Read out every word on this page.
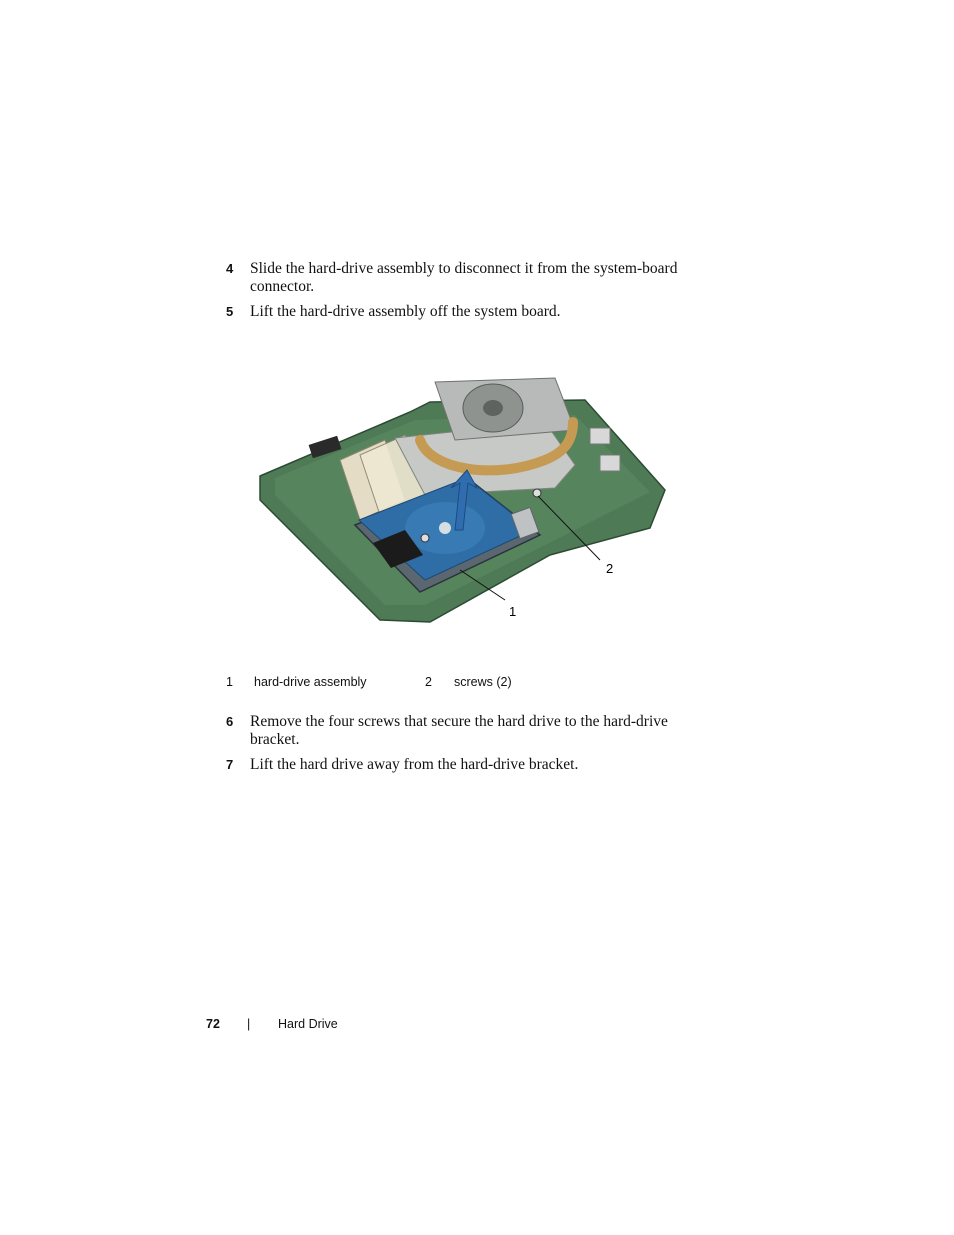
4 Slide the hard-drive assembly to disconnect it from the system-board connector.
5 Lift the hard-drive assembly off the system board.
1
2
1 hard-drive assembly	2 screws (2)
6 Remove the four screws that secure the hard drive to the hard-drive bracket.
7 Lift the hard drive away from the hard-drive bracket.
72 | Hard Drive
